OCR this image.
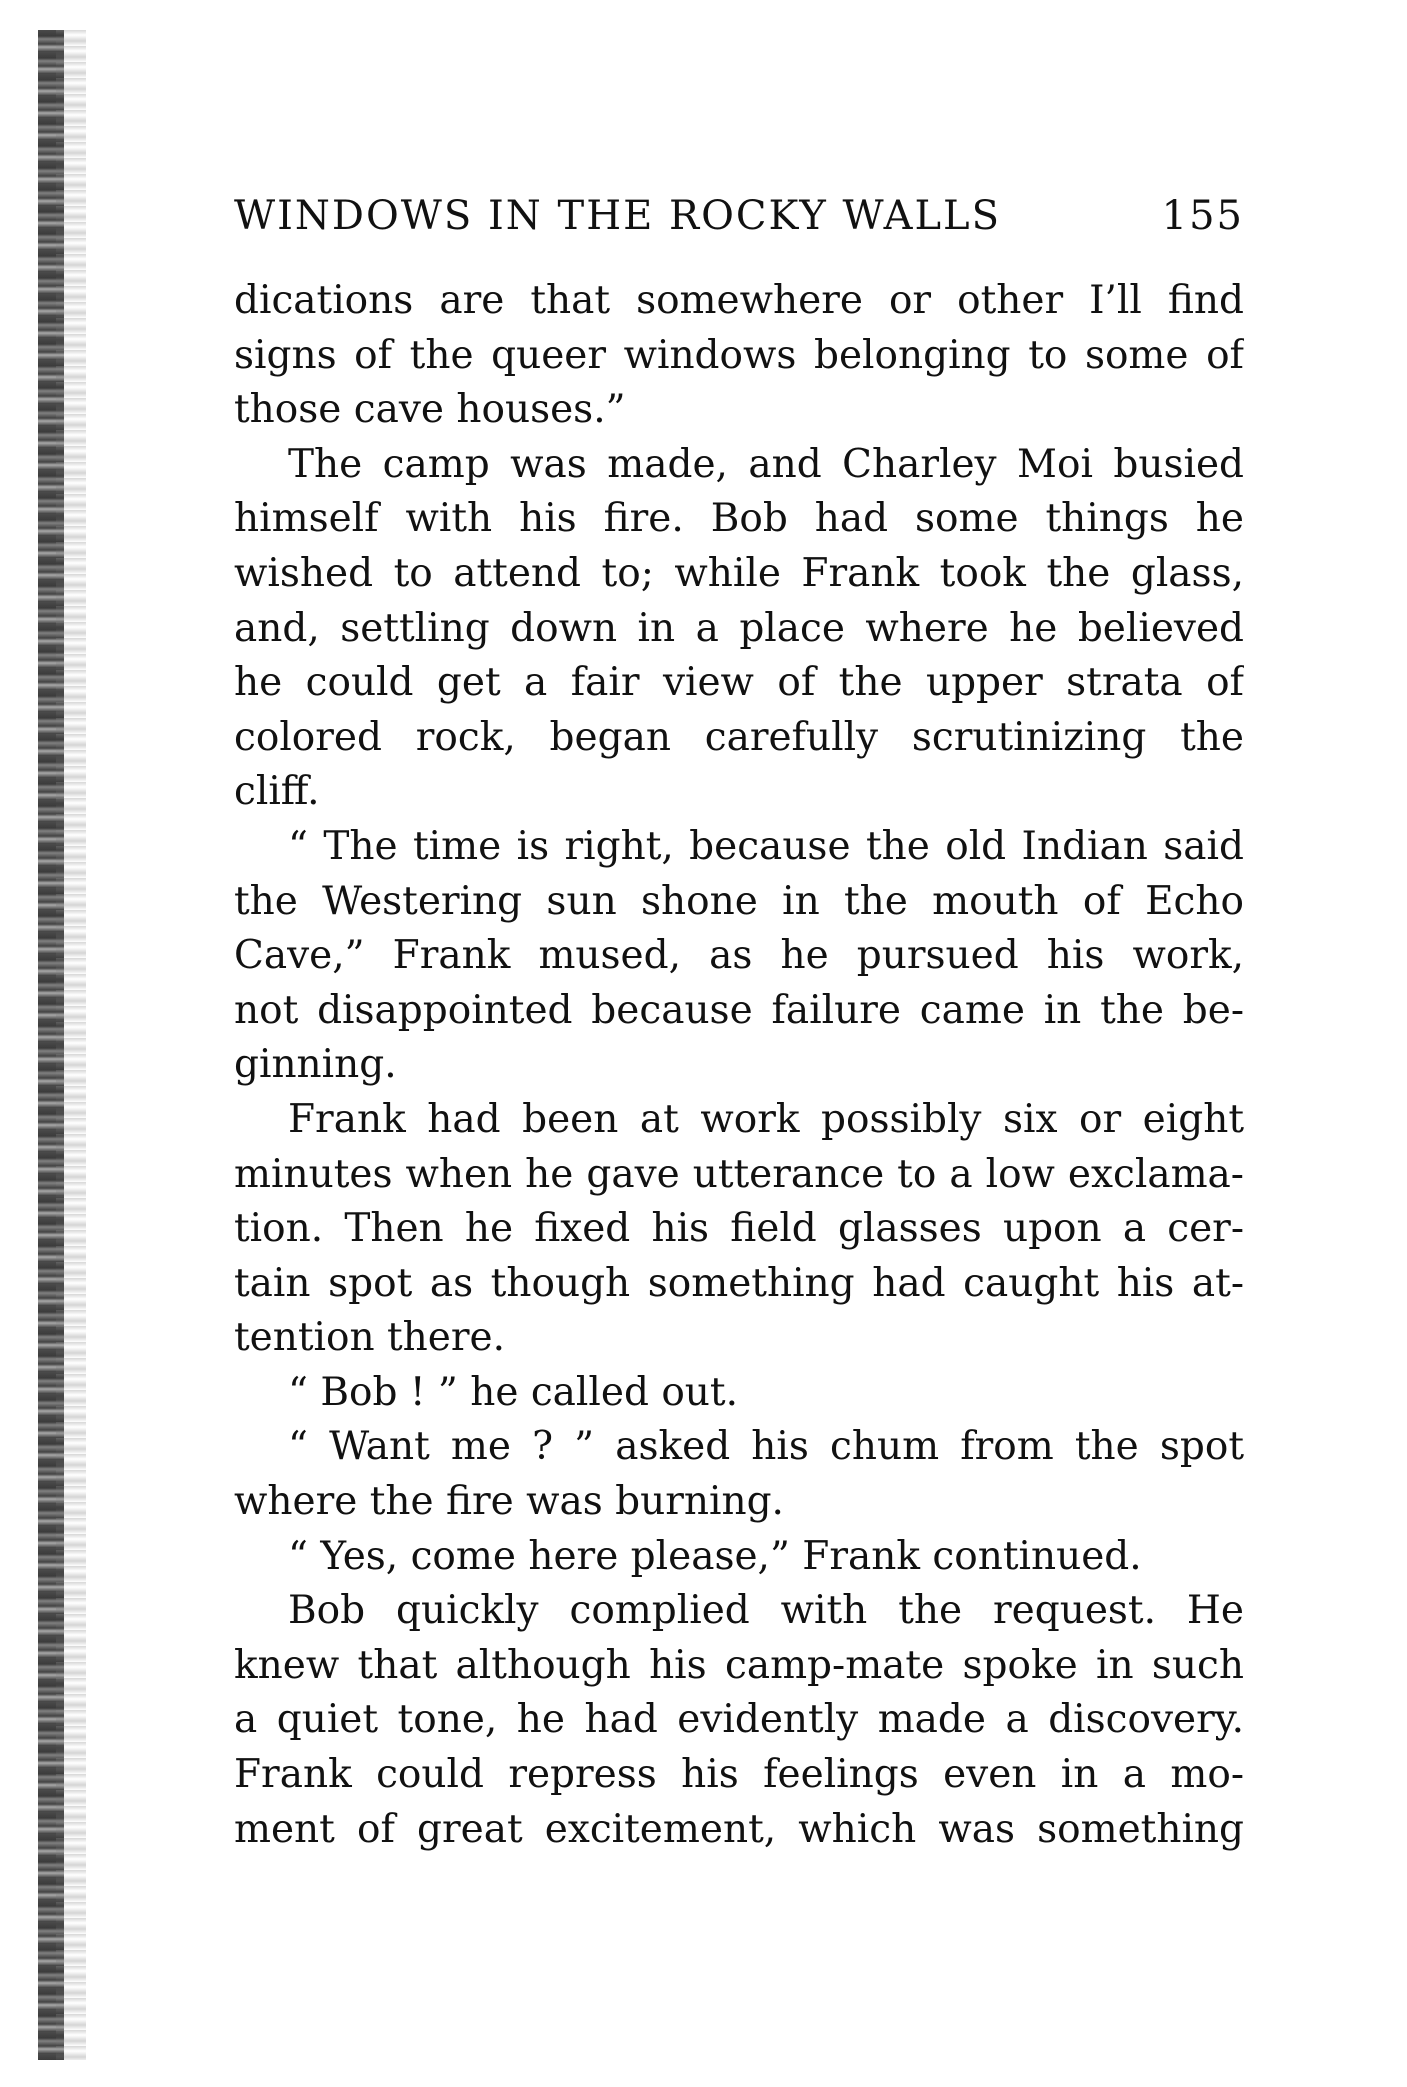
WINDOWS IN THE ROCKY WALLS	155
dications are that somewhere or other I’ll find
signs of the queer windows belonging to some of
those cave houses.”
The camp was made, and Charley Moi busied
himself with his fire. Bob had some things he
wished to attend to; while Frank took the glass,
and, settling down in a place where he believed
he could get a fair view of the upper strata of
colored rock, began carefully scrutinizing the
cliff.
“ The time is right, because the old Indian said
the Westering sun shone in the mouth of Echo
Cave,” Frank mused, as he pursued his work,
not disappointed because failure came in the be-
ginning.
Frank had been at work possibly six or eight
minutes when he gave utterance to a low exclama-
tion. Then he fixed his field glasses upon a cer-
tain spot as though something had caught his at-
tention there.
“ Bob ! ” he called out.
“ Want me ? ” asked his chum from the spot
where the fire was burning.
“ Yes, come here please,” Frank continued.
Bob quickly complied with the request. He
knew that although his camp-mate spoke in such
a quiet tone, he had evidently made a discovery.
Frank could repress his feelings even in a mo-
ment of great excitement, which was something
